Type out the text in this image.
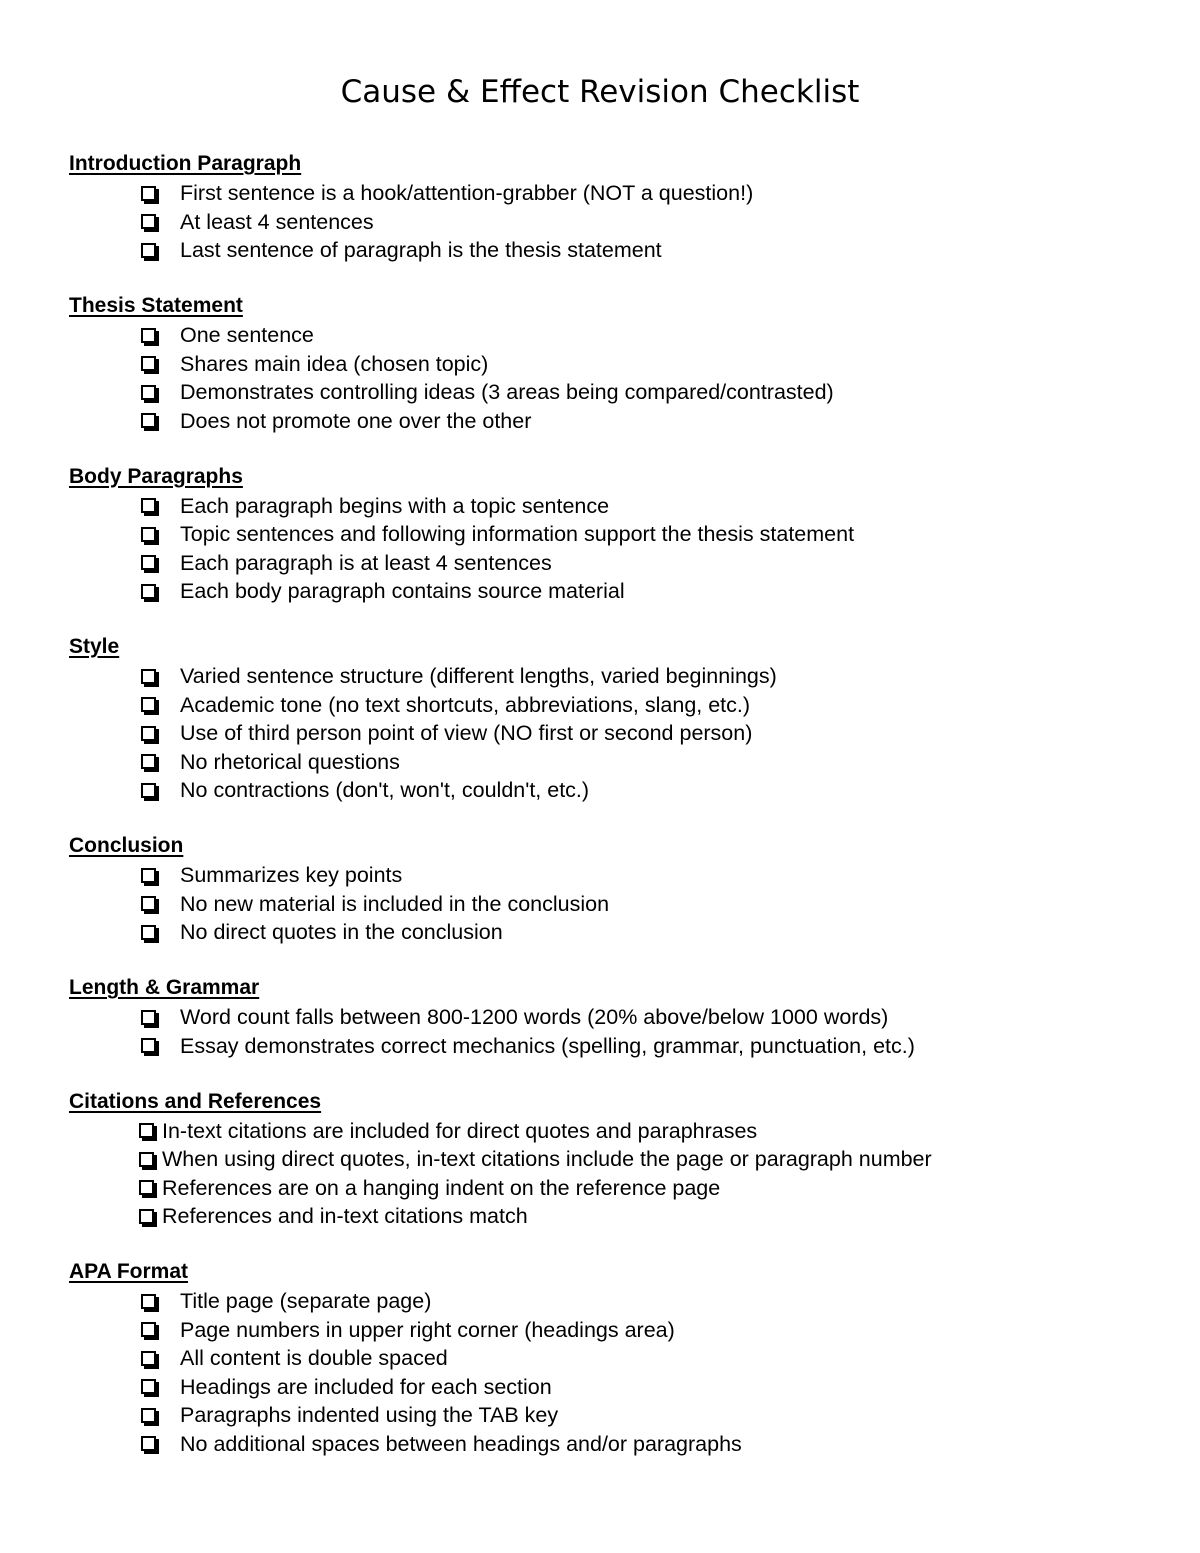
Cause & Effect Revision Checklist
Introduction Paragraph
First sentence is a hook/attention-grabber (NOT a question!)
At least 4 sentences
Last sentence of paragraph is the thesis statement
Thesis Statement
One sentence
Shares main idea (chosen topic)
Demonstrates controlling ideas (3 areas being compared/contrasted)
Does not promote one over the other
Body Paragraphs
Each paragraph begins with a topic sentence
Topic sentences and following information support the thesis statement
Each paragraph is at least 4 sentences
Each body paragraph contains source material
Style
Varied sentence structure (different lengths, varied beginnings)
Academic tone (no text shortcuts, abbreviations, slang, etc.)
Use of third person point of view (NO first or second person)
No rhetorical questions
No contractions (don't, won't, couldn't, etc.)
Conclusion
Summarizes key points
No new material is included in the conclusion
No direct quotes in the conclusion
Length & Grammar
Word count falls between 800-1200 words (20% above/below 1000 words)
Essay demonstrates correct mechanics (spelling, grammar, punctuation, etc.)
Citations and References
In-text citations are included for direct quotes and paraphrases
When using direct quotes, in-text citations include the page or paragraph number
References are on a hanging indent on the reference page
References and in-text citations match
APA Format
Title page (separate page)
Page numbers in upper right corner (headings area)
All content is double spaced
Headings are included for each section
Paragraphs indented using the TAB key
No additional spaces between headings and/or paragraphs
